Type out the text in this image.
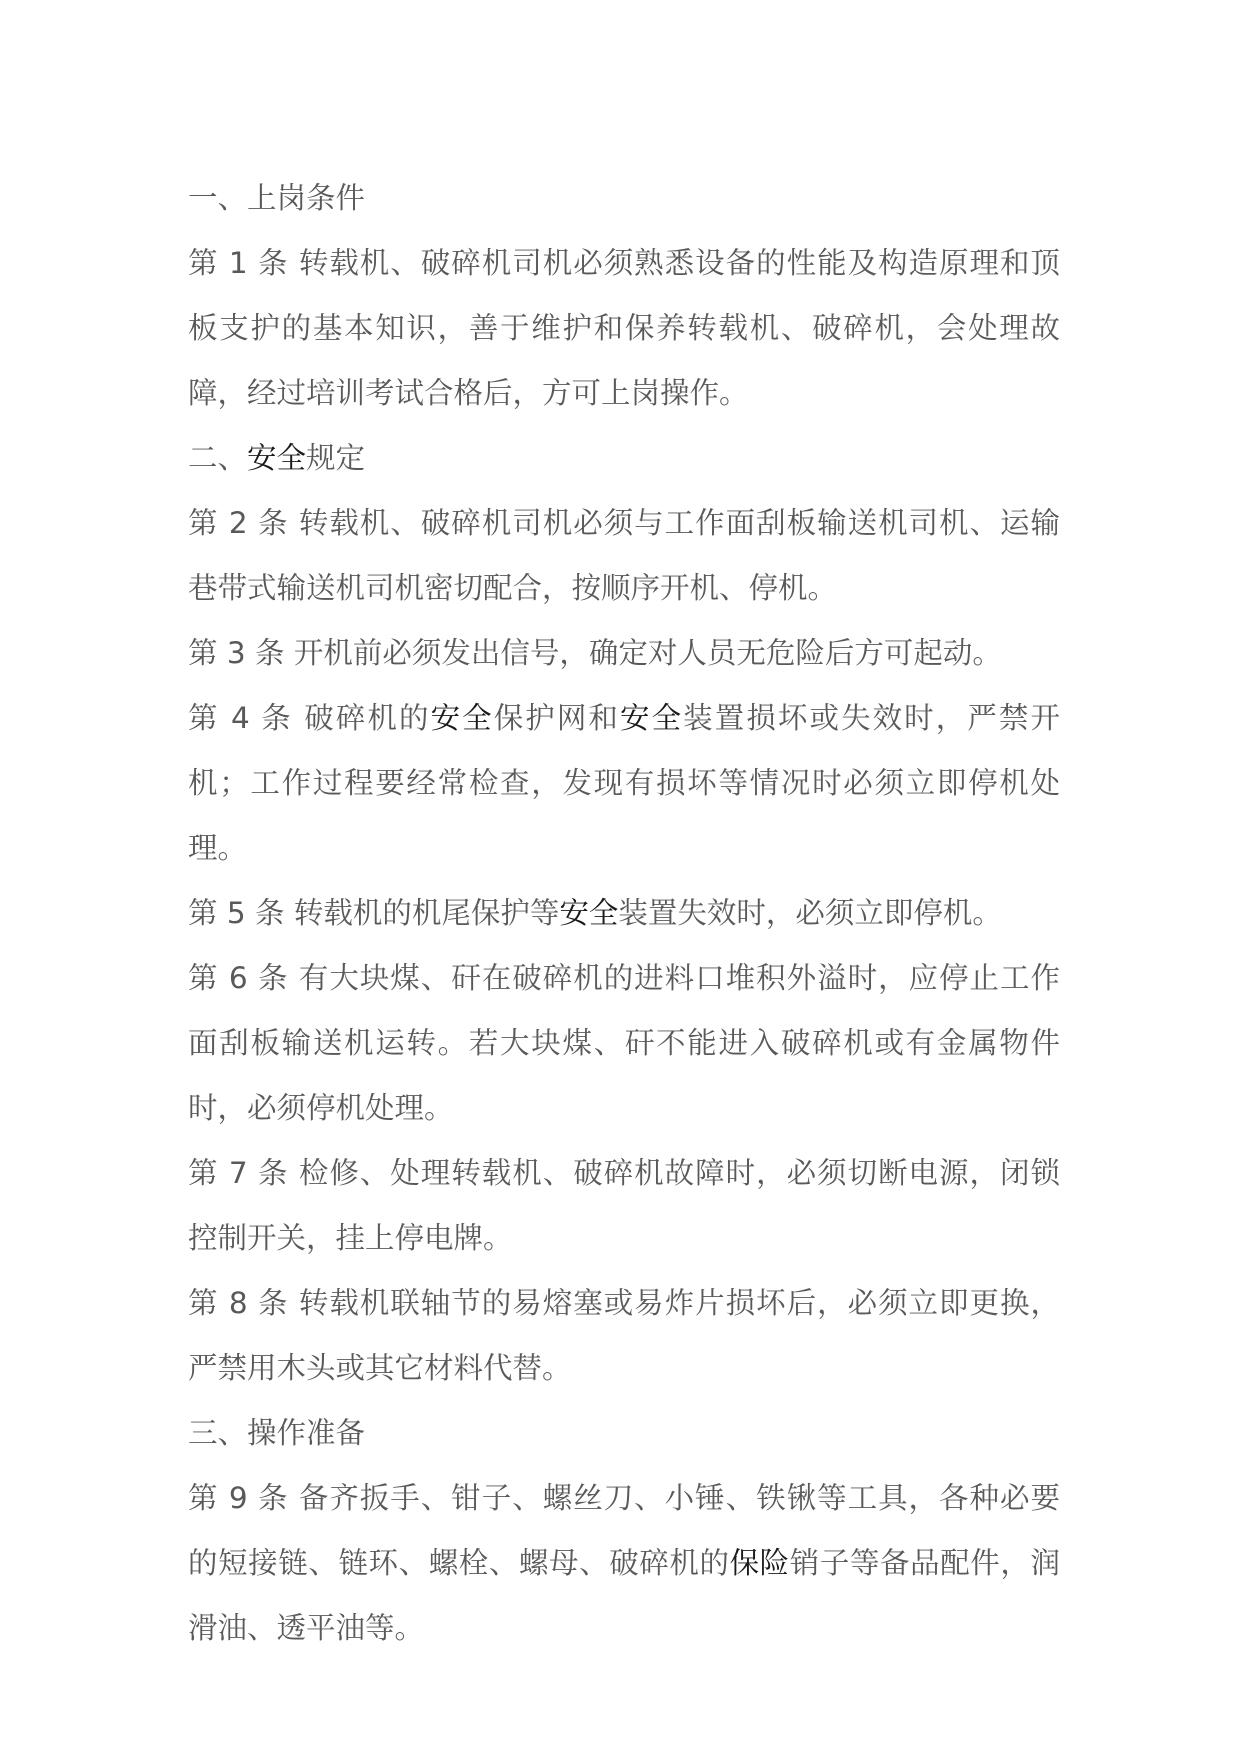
一、上岗条件

第 1 条 转载机、破碎机司机必须熟悉设备的性能及构造原理和顶板支护的基本知识，善于维护和保养转载机、破碎机，会处理故障，经过培训考试合格后，方可上岗操作。

二、安全规定

第 2 条 转载机、破碎机司机必须与工作面刮板输送机司机、运输巷带式输送机司机密切配合，按顺序开机、停机。

第 3 条 开机前必须发出信号，确定对人员无危险后方可起动。

第 4 条 破碎机的安全保护网和安全装置损坏或失效时，严禁开机；工作过程要经常检查，发现有损坏等情况时必须立即停机处理。

第 5 条 转载机的机尾保护等安全装置失效时，必须立即停机。

第 6 条 有大块煤、矸在破碎机的进料口堆积外溢时，应停止工作面刮板输送机运转。若大块煤、矸不能进入破碎机或有金属物件时，必须停机处理。

第 7 条 检修、处理转载机、破碎机故障时，必须切断电源，闭锁控制开关，挂上停电牌。

第 8 条 转载机联轴节的易熔塞或易炸片损坏后，必须立即更换，严禁用木头或其它材料代替。

三、操作准备

第 9 条 备齐扳手、钳子、螺丝刀、小锤、铁锹等工具，各种必要的短接链、链环、螺栓、螺母、破碎机的保险销子等备品配件，润滑油、透平油等。
